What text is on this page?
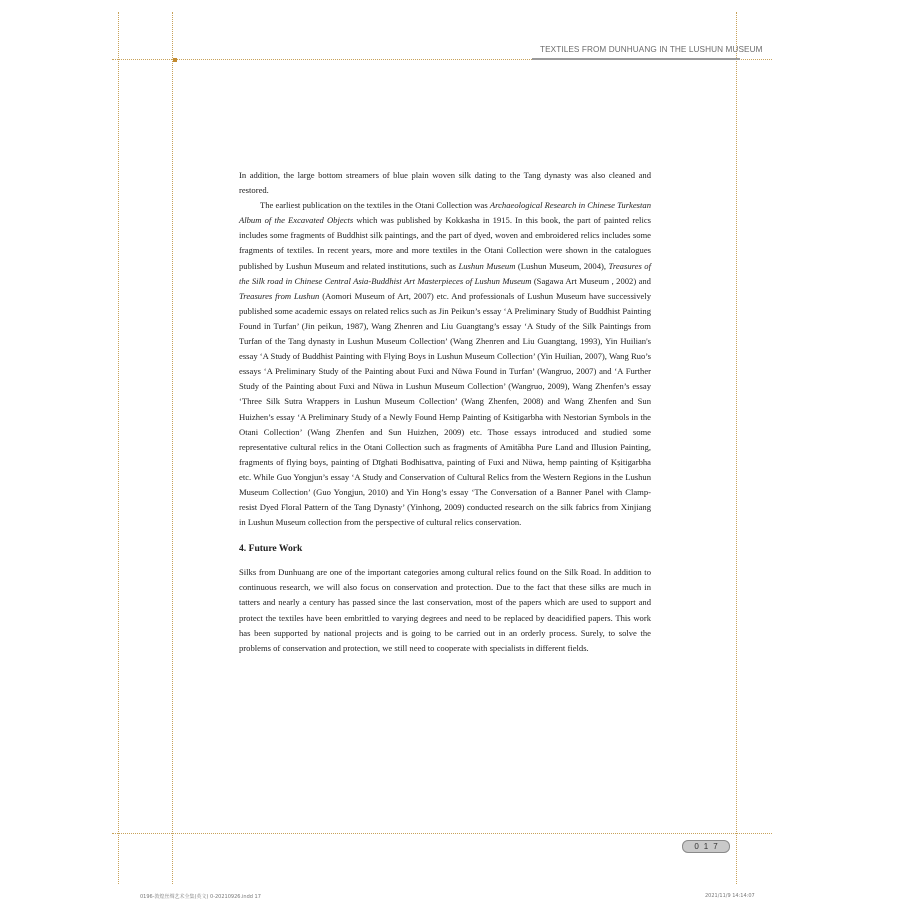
TEXTILES FROM DUNHUANG IN THE LUSHUN MUSEUM

In addition, the large bottom streamers of blue plain woven silk dating to the Tang dynasty was also cleaned and restored.

The earliest publication on the textiles in the Otani Collection was Archaeological Research in Chinese Turkestan Album of the Excavated Objects which was published by Kokkasha in 1915. In this book, the part of painted relics includes some fragments of Buddhist silk paintings, and the part of dyed, woven and embroidered relics includes some fragments of textiles. In recent years, more and more textiles in the Otani Collection were shown in the catalogues published by Lushun Museum and related institutions, such as Lushun Museum (Lushun Museum, 2004), Treasures of the Silk road in Chinese Central Asia-Buddhist Art Masterpieces of Lushun Museum (Sagawa Art Museum , 2002) and Treasures from Lushun (Aomori Museum of Art, 2007) etc. And professionals of Lushun Museum have successively published some academic essays on related relics such as Jin Peikun’s essay ‘A Preliminary Study of Buddhist Painting Found in Turfan’ (Jin peikun, 1987), Wang Zhenren and Liu Guangtang’s essay ‘A Study of the Silk Paintings from Turfan of the Tang dynasty in Lushun Museum Collection’ (Wang Zhenren and Liu Guangtang, 1993), Yin Huilian's essay ‘A Study of Buddhist Painting with Flying Boys in Lushun Museum Collection’ (Yin Huilian, 2007), Wang Ruo’s essays ‘A Preliminary Study of the Painting about Fuxi and Nüwa Found in Turfan’ (Wangruo, 2007) and ‘A Further Study of the Painting about Fuxi and Nüwa in Lushun Museum Collection’ (Wangruo, 2009), Wang Zhenfen’s essay ‘Three Silk Sutra Wrappers in Lushun Museum Collection’ (Wang Zhenfen, 2008) and Wang Zhenfen and Sun Huizhen’s essay ‘A Preliminary Study of a Newly Found Hemp Painting of Ksitigarbha with Nestorian Symbols in the Otani Collection’ (Wang Zhenfen and Sun Huizhen, 2009) etc. Those essays introduced and studied some representative cultural relics in the Otani Collection such as fragments of Amitābha Pure Land and Illusion Painting, fragments of flying boys, painting of Dīghati Bodhisattva, painting of Fuxi and Nüwa, hemp painting of Kṣitigarbha etc. While Guo Yongjun’s essay ‘A Study and Conservation of Cultural Relics from the Western Regions in the Lushun Museum Collection’ (Guo Yongjun, 2010) and Yin Hong’s essay ‘The Conversation of a Banner Panel with Clamp-resist Dyed Floral Pattern of the Tang Dynasty’ (Yinhong, 2009) conducted research on the silk fabrics from Xinjiang in Lushun Museum collection from the perspective of cultural relics conservation.

4. Future Work

Silks from Dunhuang are one of the important categories among cultural relics found on the Silk Road. In addition to continuous research, we will also focus on conservation and protection. Due to the fact that these silks are much in tatters and nearly a century has passed since the last conservation, most of the papers which are used to support and protect the textiles have been embrittled to varying degrees and need to be replaced by deacidified papers. This work has been supported by national projects and is going to be carried out in an orderly process. Surely, to solve the problems of conservation and protection, we still need to cooperate with specialists in different fields.

017
0196-敦煌丝绸艺术全集(英文) 0-20210926.indd 17	2021/11/9 14:14:07
